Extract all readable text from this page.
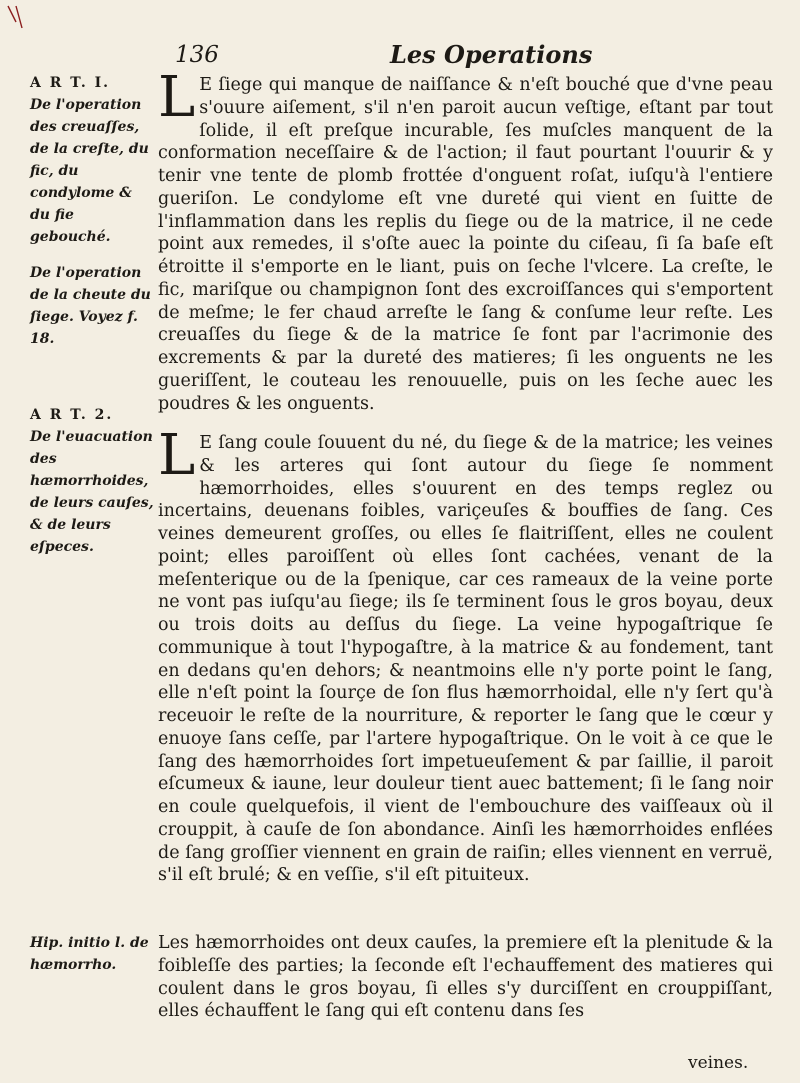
136	Les Operations
A R T. I.
De l'operation des creuaſſes, de la creſte, du fic, du condylome & du fie gebouché.
De l'operation de la cheute du ſiege. Voyez f. 18.
A R T. 2.
De l'euacuation des hæmorrhoides, de leurs cauſes, & de leurs eſpeces.
Hip. initio l. de hæmorrho.

L E ſiege qui manque de naiſſance & n'eſt bouché que d'vne peau s'ouure aiſement, s'il n'en paroit aucun veſtige, eſtant par tout ſolide, il eſt preſque incurable, ſes muſcles manquent de la conformation neceſſaire & de l'action; il faut pourtant l'ouurir & y tenir vne tente de plomb frottée d'onguent roſat, iuſqu'à l'entiere gueriſon. Le condylome eſt vne dureté qui vient en ſuitte de l'inflammation dans les replis du ſiege ou de la matrice, il ne cede point aux remedes, il s'oſte auec la pointe du ciſeau, ſi ſa baſe eſt étroitte il s'emporte en le liant, puis on ſeche l'vlcere. La creſte, le fic, mariſque ou champignon ſont des excroiſſances qui s'emportent de meſme; le fer chaud arreſte le ſang & conſume leur reſte. Les creuaſſes du ſiege & de la matrice ſe font par l'acrimonie des excrements & par la dureté des matieres; ſi les onguents ne les gueriſſent, le couteau les renouuelle, puis on les ſeche auec les poudres & les onguents.

L E ſang coule ſouuent du né, du ſiege & de la matrice; les veines & les arteres qui ſont autour du ſiege ſe nomment hæmorrhoides, elles s'ouurent en des temps reglez ou incertains, deuenans foibles, variçeuſes & bouffies de ſang. Ces veines demeurent groſſes, ou elles ſe flaitriſſent, elles ne coulent point; elles paroiſſent où elles ſont cachées, venant de la meſenterique ou de la ſpenique, car ces rameaux de la veine porte ne vont pas iuſqu'au ſiege; ils ſe terminent ſous le gros boyau, deux ou trois doits au deſſus du ſiege. La veine hypogaſtrique ſe communique à tout l'hypogaſtre, à la matrice & au fondement, tant en dedans qu'en dehors; & neantmoins elle n'y porte point le ſang, elle n'eſt point la ſourçe de ſon flus hæmorrhoidal, elle n'y ſert qu'à receuoir le reſte de la nourriture, & reporter le ſang que le cœur y enuoye ſans ceſſe, par l'artere hypogaſtrique. On le voit à ce que le ſang des hæmorrhoides ſort impetueuſement & par ſaillie, il paroit eſcumeux & iaune, leur douleur tient auec battement; ſi le ſang noir en coule quelquefois, il vient de l'embouchure des vaiſſeaux où il crouppit, à cauſe de ſon abondance. Ainſi les hæmorrhoides enflées de ſang groſſier viennent en grain de raiſin; elles viennent en verruë, s'il eſt brulé; & en veſſie, s'il eſt pituiteux.

Les hæmorrhoides ont deux cauſes, la premiere eſt la plenitude & la foibleſſe des parties; la ſeconde eſt l'echauffement des matieres qui coulent dans le gros boyau, ſi elles s'y durciſſent en crouppiſſant, elles échauffent le ſang qui eſt contenu dans ſes

veines.
